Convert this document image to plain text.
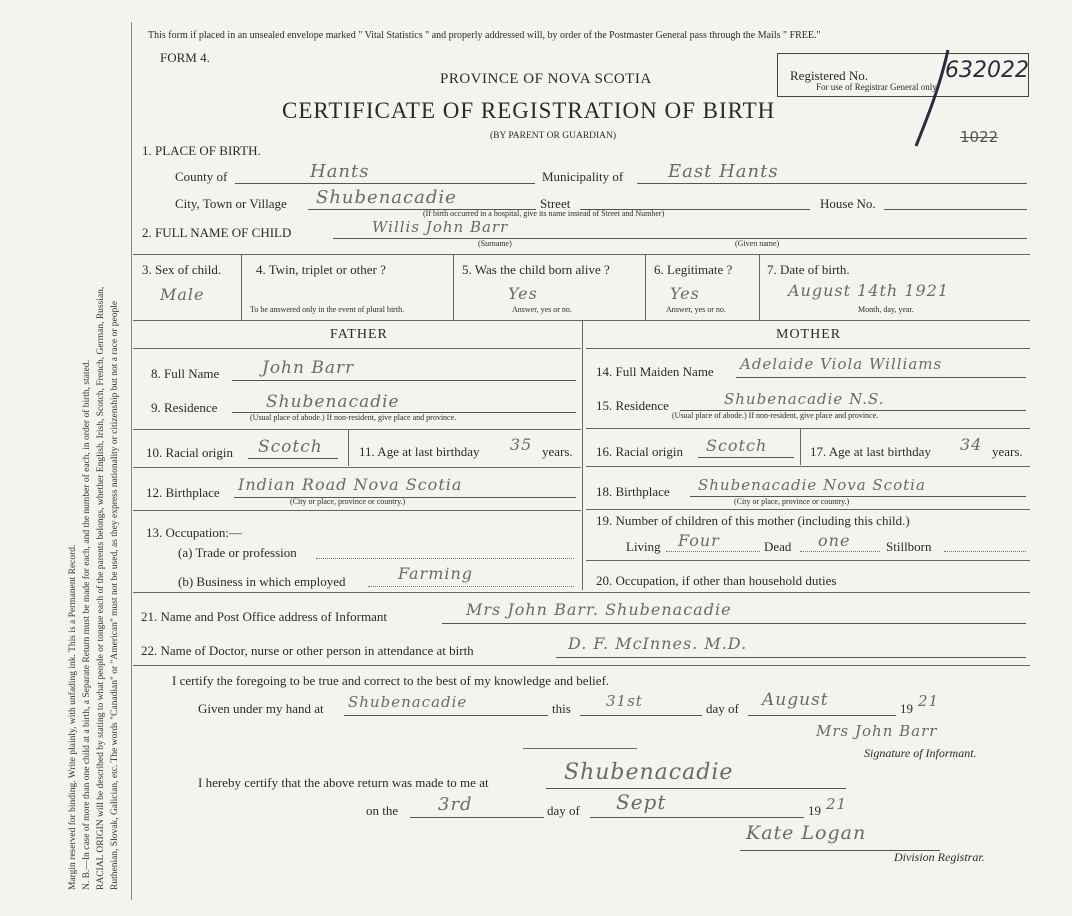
Margin reserved for binding. Write plainly, with unfading ink. This is a Permanent Record. N. B.—In case of more than one child at a birth, a Separate Return must be made for each, and the number of each, in order of birth, stated. RACIAL ORIGIN will be described by stating to what people or tongue each of the parents belongs, whether English, Irish, Scotch, French, German, Russian, Ruthenian, Slovak, Galician, etc. The words "Canadian" or "American" must not be used, as they express nationality or citizenship but not a race or people
This form if placed in an unsealed envelope marked " Vital Statistics " and properly addressed will, by order of the Postmaster General pass through the Mails " FREE."
FORM 4.
PROVINCE OF NOVA SCOTIA
CERTIFICATE OF REGISTRATION OF BIRTH
(BY PARENT OR GUARDIAN)
Registered No.	632022
For use of Registrar General only.
1022
1. PLACE OF BIRTH.
County of	Hants	Municipality of East Hants
City, Town or Village Shubenacadie	Street	House No.
(If birth occurred in a hospital, give its name instead of Street and Number)
2. FULL NAME OF CHILD	Willis John Barr
(Surname)	(Given name)
3. Sex of child.
Male
4. Twin, triplet or other ?
To be answered only in the event of plural birth.
5. Was the child born alive ?
Yes
Answer, yes or no.
6. Legitimate ?
Yes
Answer, yes or no.
7. Date of birth.
August 14th 1921
Month, day, year.
FATHER	MOTHER
8. Full Name	John Barr
9. Residence	Shubenacadie
(Usual place of abode.) If non-resident, give place and province.
10. Racial origin Scotch	11. Age at last birthday 35 years.
12. Birthplace Indian Road Nova Scotia
(City or place, province or country.)
13. Occupation:—
(a) Trade or profession
(b) Business in which employed	Farming
14. Full Maiden Name Adelaide Viola Williams
15. Residence	Shubenacadie N.S.
(Usual place of abode.) If non-resident, give place and province.
16. Racial origin Scotch	17. Age at last birthday 34 years.
18. Birthplace Shubenacadie Nova Scotia
(City or place, province or country.)
19. Number of children of this mother (including this child.)
Living Four	Dead one	Stillborn
20. Occupation, if other than household duties
21. Name and Post Office address of Informant	Mrs John Barr. Shubenacadie
22. Name of Doctor, nurse or other person in attendance at birth	D. F. McInnes. M.D.
I certify the foregoing to be true and correct to the best of my knowledge and belief.
Given under my hand at Shubenacadie	this 31st	day of August	19 21
Mrs John Barr
Signature of Informant.
I hereby certify that the above return was made to me at	Shubenacadie
on the 3rd	day of Sept	19 21
Kate Logan
Division Registrar.
